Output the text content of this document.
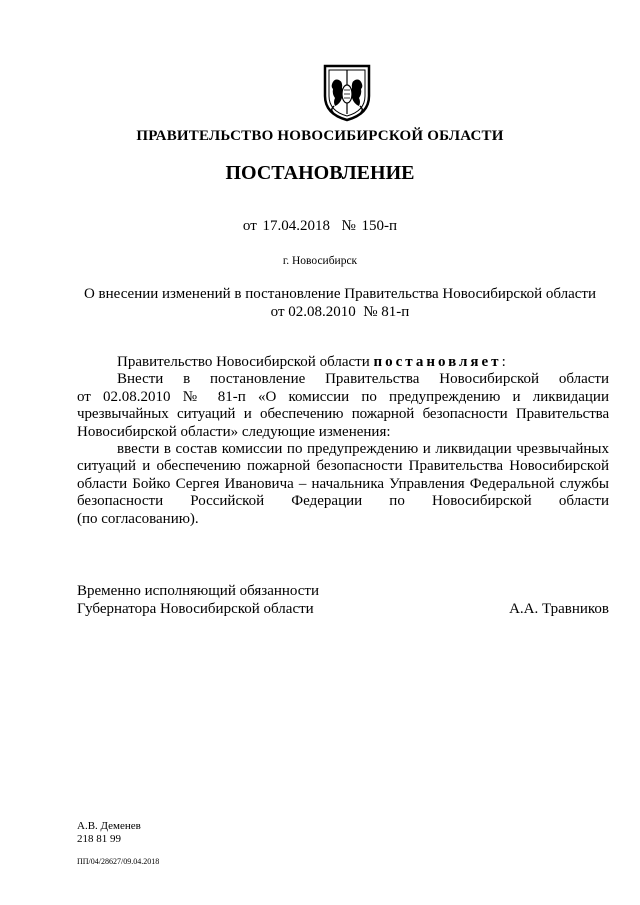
ПРАВИТЕЛЬСТВО НОВОСИБИРСКОЙ ОБЛАСТИ
ПОСТАНОВЛЕНИЕ
от 17.04.2018  № 150-п
г. Новосибирск
О внесении изменений в постановление Правительства Новосибирской области
от 02.08.2010  № 81-п

Правительство Новосибирской области постановляет:

Внести в постановление Правительства Новосибирской области

от 02.08.2010 № 81-п «О комиссии по предупреждению и ликвидации

чрезвычайных ситуаций и обеспечению пожарной безопасности Правительства

Новосибирской области» следующие изменения:

ввести в состав комиссии по предупреждению и ликвидации чрезвычайных

ситуаций и обеспечению пожарной безопасности Правительства Новосибирской

области Бойко Сергея Ивановича – начальника Управления Федеральной службы

безопасности Российской Федерации по Новосибирской области

(по согласованию).

Временно исполняющий обязанности
Губернатора Новосибирской области	А.А. Травников
А.В. Деменев
218 81 99
ПП/04/28627/09.04.2018
